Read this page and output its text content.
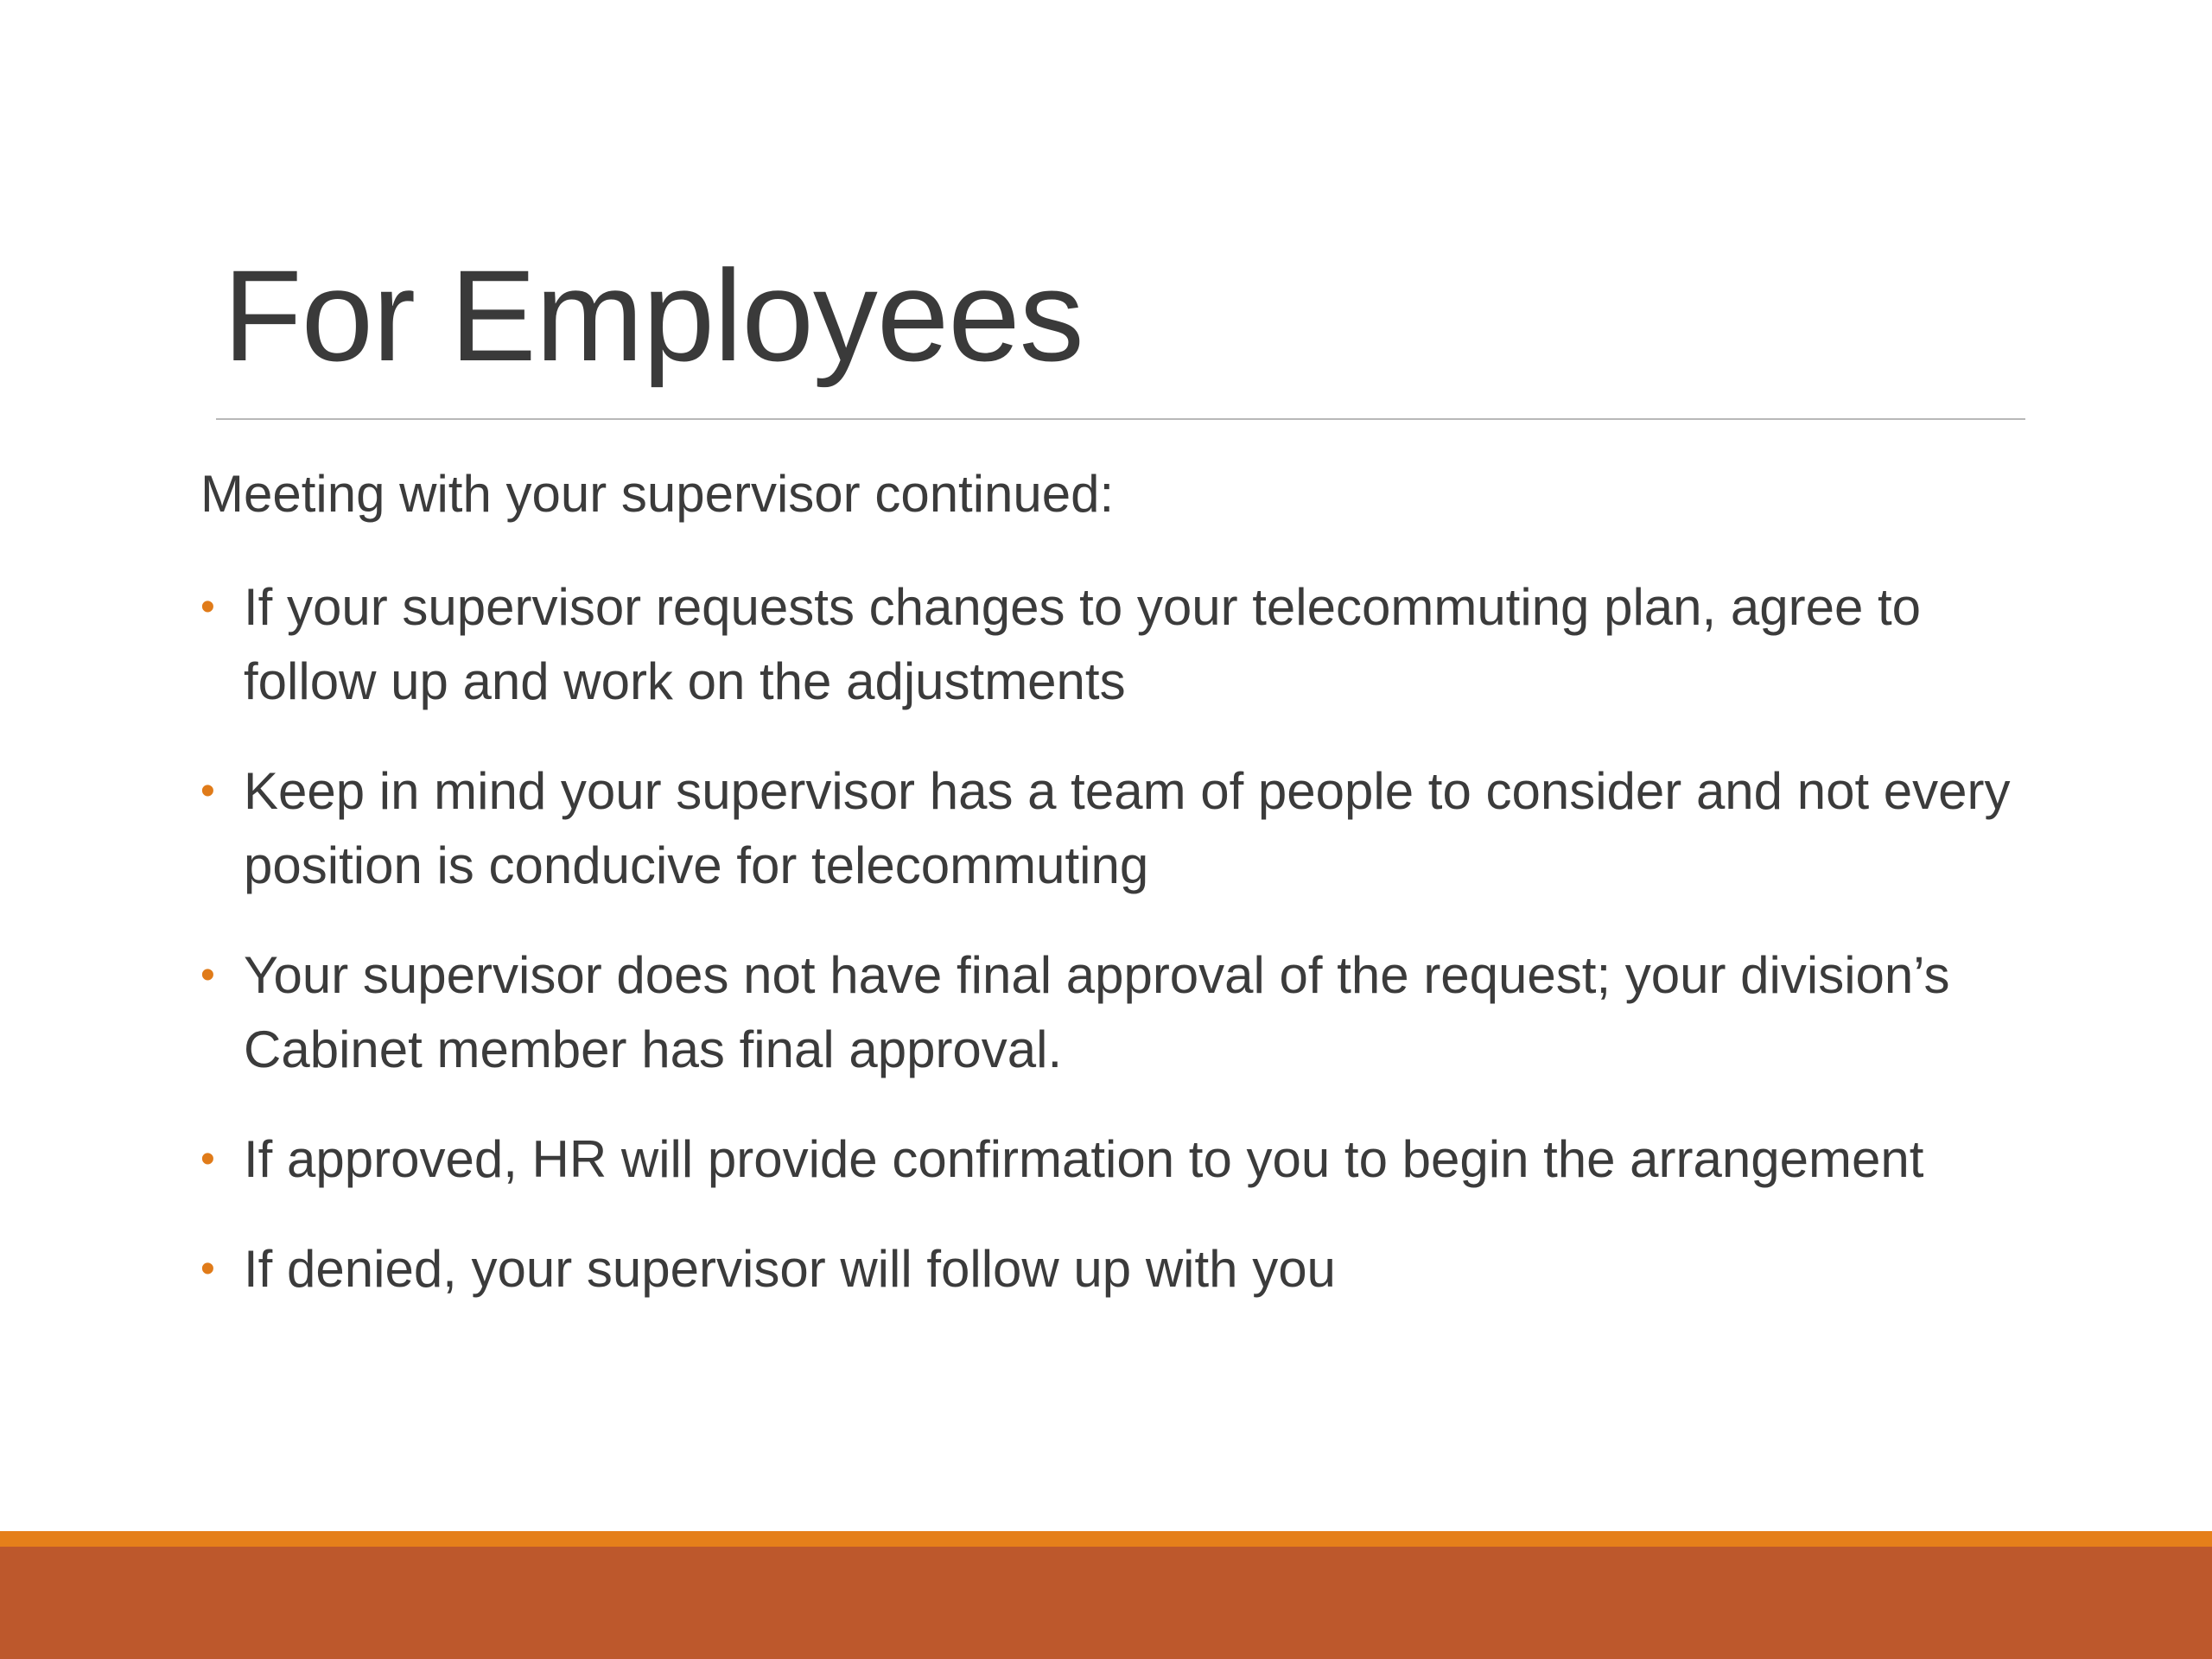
For Employees
Meeting with your supervisor continued:
• If your supervisor requests changes to your telecommuting plan, agree to follow up and work on the adjustments
• Keep in mind your supervisor has a team of people to consider and not every position is conducive for telecommuting
• Your supervisor does not have final approval of the request; your division’s Cabinet member has final approval.
• If approved, HR will provide confirmation to you to begin the arrangement
• If denied, your supervisor will follow up with you
